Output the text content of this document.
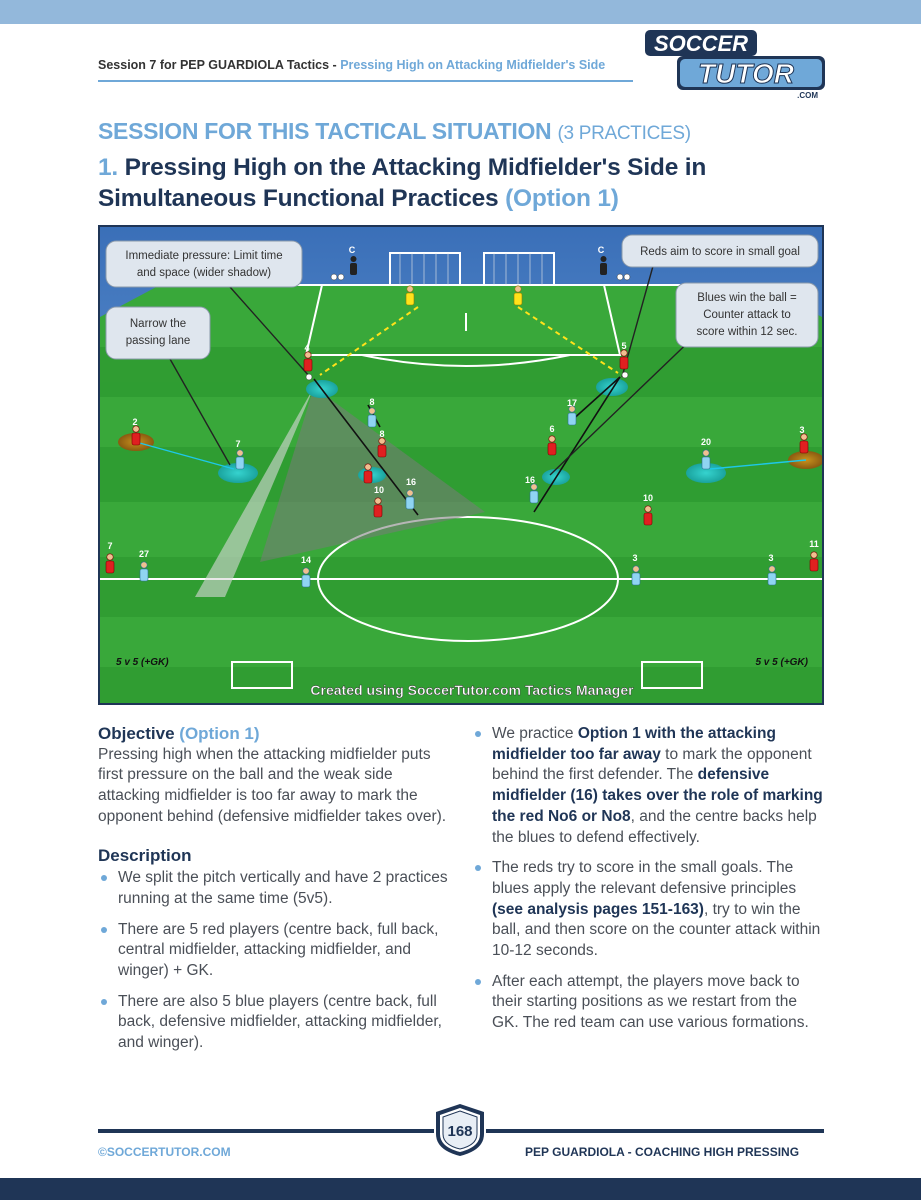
Session 7 for PEP GUARDIOLA Tactics - Pressing High on Attacking Midfielder's Side
SOCCER
TUTOR
.COM
SESSION FOR THIS TACTICAL SITUATION (3 PRACTICES)
1. Pressing High on the Attacking Midfielder's Side in Simultaneous Functional Practices (Option 1)
4
2
8
10
7
5
6	3
10
11
7
8
16
27
14
17
16
20
3	3
C	C
Immediate pressure: Limit time
and space (wider shadow)
Narrow the
passing lane
Reds aim to score in small goal
Blues win the ball =
Counter attack to
score within 12 sec.
5 v 5 (+GK)	5 v 5 (+GK)
Created using SoccerTutor.com Tactics Manager
Objective (Option 1)

Pressing high when the attacking midfielder puts first pressure on the ball and the weak side attacking midfielder is too far away to mark the opponent behind (defensive midfielder takes over).

Description
We split the pitch vertically and have 2 practices running at the same time (5v5).
There are 5 red players (centre back, full back, central midfielder, attacking midfielder, and winger) + GK.
There are also 5 blue players (centre back, full back, defensive midfielder, attacking midfielder, and winger).
We practice Option 1 with the attacking midfielder too far away to mark the opponent behind the first defender. The defensive midfielder (16) takes over the role of marking the red No6 or No8, and the centre backs help the blues to defend effectively.
The reds try to score in the small goals. The blues apply the relevant defensive principles (see analysis pages 151-163), try to win the ball, and then score on the counter attack within 10-12 seconds.
After each attempt, the players move back to their starting positions as we restart from the GK. The red team can use various formations.
168
©SOCCERTUTOR.COM	PEP GUARDIOLA - COACHING HIGH PRESSING
